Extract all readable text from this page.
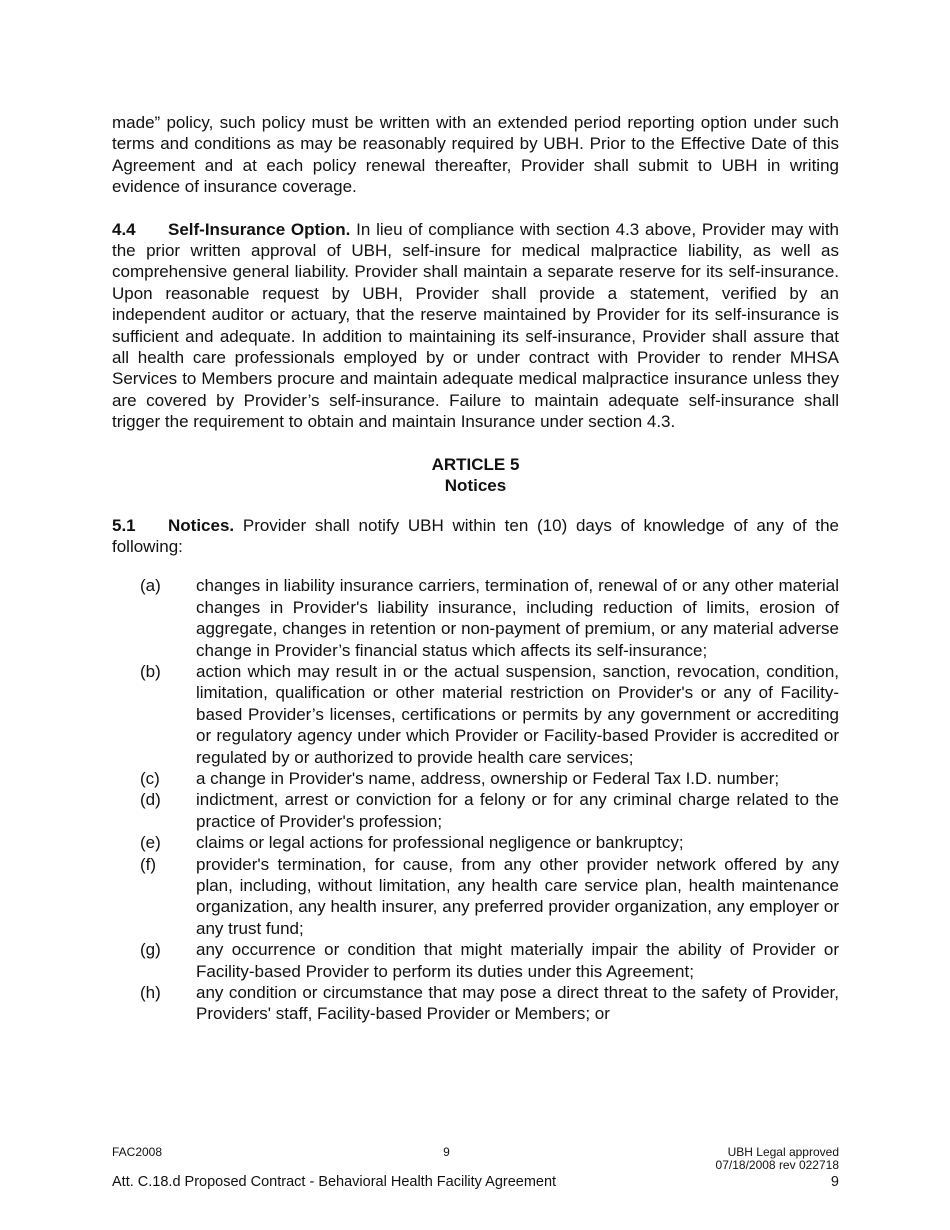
made” policy, such policy must be written with an extended period reporting option under such terms and conditions as may be reasonably required by UBH. Prior to the Effective Date of this Agreement and at each policy renewal thereafter, Provider shall submit to UBH in writing evidence of insurance coverage.

4.4 Self-Insurance Option. In lieu of compliance with section 4.3 above, Provider may with the prior written approval of UBH, self-insure for medical malpractice liability, as well as comprehensive general liability. Provider shall maintain a separate reserve for its self-insurance. Upon reasonable request by UBH, Provider shall provide a statement, verified by an independent auditor or actuary, that the reserve maintained by Provider for its self-insurance is sufficient and adequate. In addition to maintaining its self-insurance, Provider shall assure that all health care professionals employed by or under contract with Provider to render MHSA Services to Members procure and maintain adequate medical malpractice insurance unless they are covered by Provider’s self-insurance. Failure to maintain adequate self-insurance shall trigger the requirement to obtain and maintain Insurance under section 4.3.

ARTICLE 5
Notices

5.1 Notices. Provider shall notify UBH within ten (10) days of knowledge of any of the following:

(a)	changes in liability insurance carriers, termination of, renewal of or any other material changes in Provider's liability insurance, including reduction of limits, erosion of aggregate, changes in retention or non-payment of premium, or any material adverse change in Provider’s financial status which affects its self-insurance;
(b)	action which may result in or the actual suspension, sanction, revocation, condition, limitation, qualification or other material restriction on Provider's or any of Facility-based Provider’s licenses, certifications or permits by any government or accrediting or regulatory agency under which Provider or Facility-based Provider is accredited or regulated by or authorized to provide health care services;
(c)	a change in Provider's name, address, ownership or Federal Tax I.D. number;
(d)	indictment, arrest or conviction for a felony or for any criminal charge related to the practice of Provider's profession;
(e)	claims or legal actions for professional negligence or bankruptcy;
(f)	provider's termination, for cause, from any other provider network offered by any plan, including, without limitation, any health care service plan, health maintenance organization, any health insurer, any preferred provider organization, any employer or any trust fund;
(g)	any occurrence or condition that might materially impair the ability of Provider or Facility-based Provider to perform its duties under this Agreement;
(h)	any condition or circumstance that may pose a direct threat to the safety of Provider, Providers' staff, Facility-based Provider or Members; or
FAC2008	9	UBH Legal approved
07/18/2008 rev 022718
Att. C.18.d Proposed Contract - Behavioral Health Facility Agreement	9
